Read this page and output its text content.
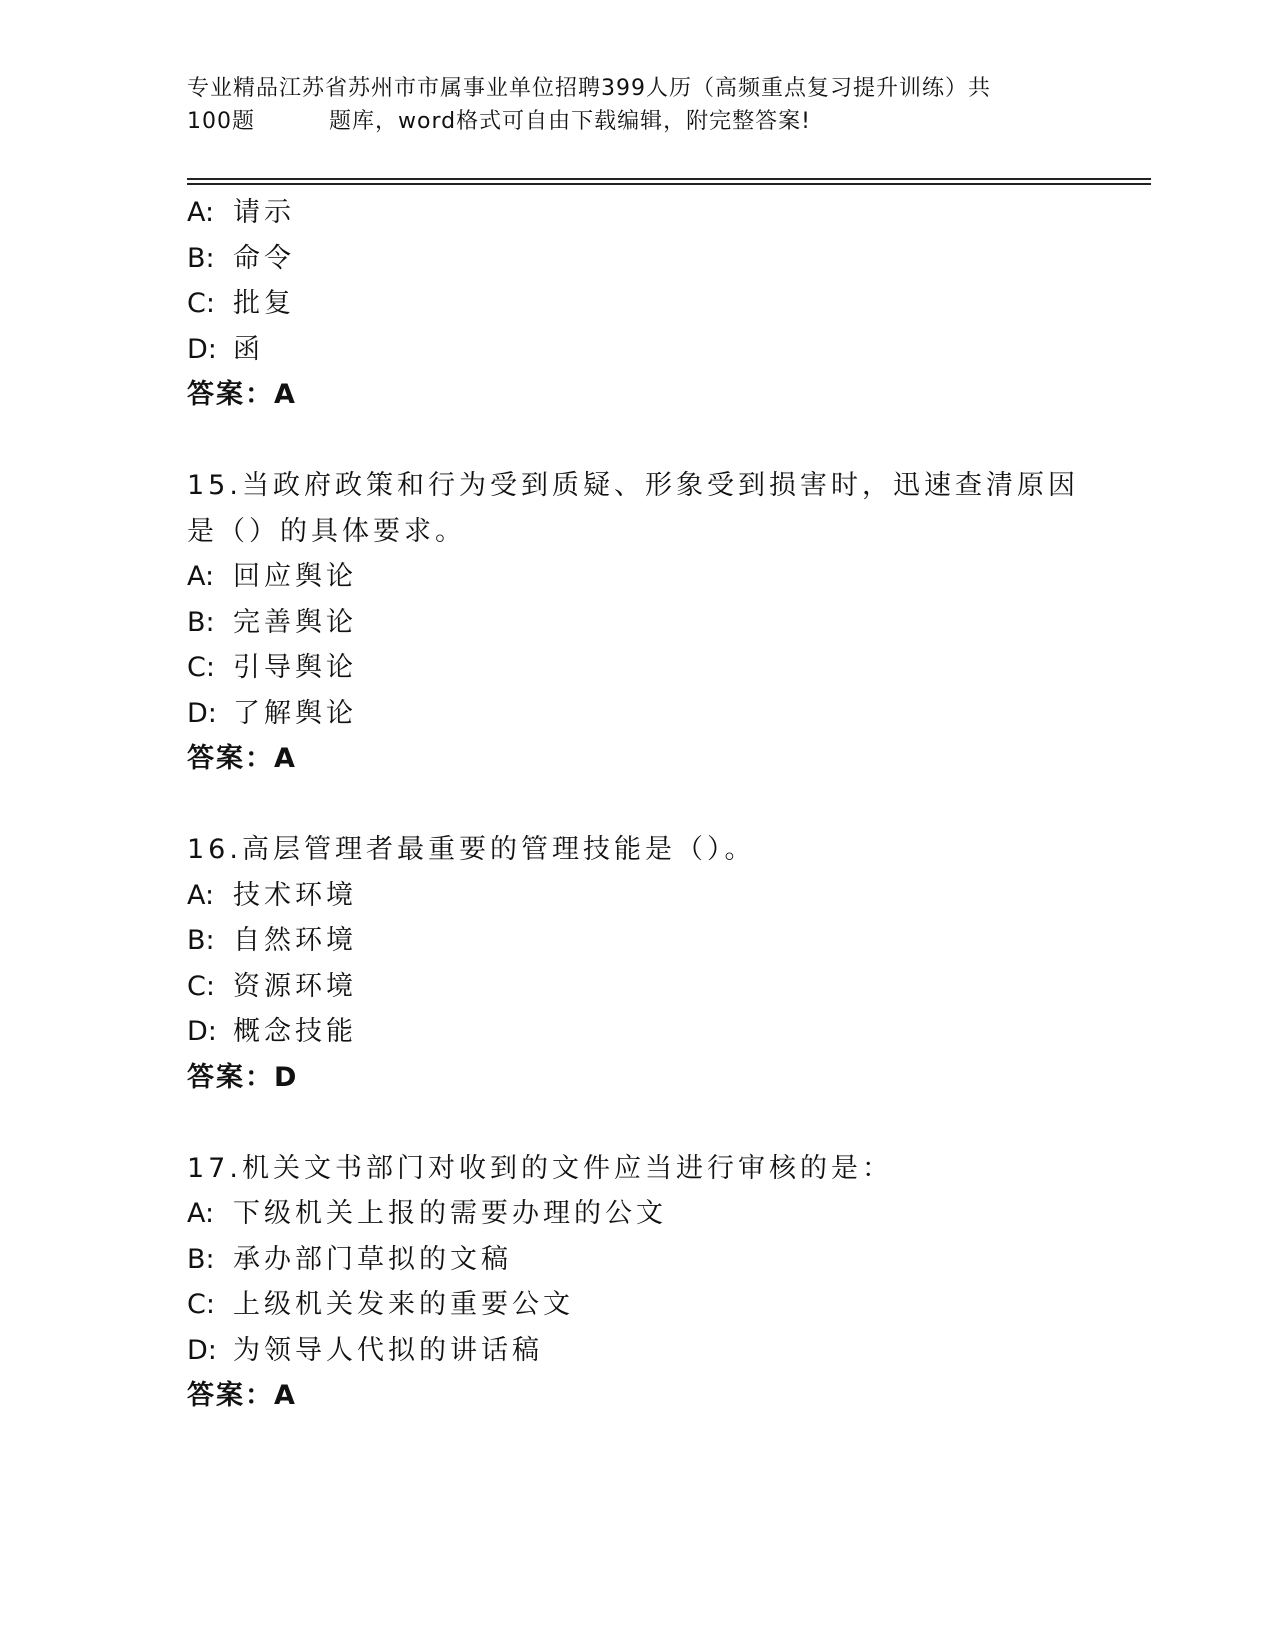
专业精品江苏省苏州市市属事业单位招聘399人历（高频重点复习提升训练）共
100题	题库，word格式可自由下载编辑，附完整答案!
A: 请示
B: 命令
C: 批复
D: 函
答案：A
15.当政府政策和行为受到质疑、形象受到损害时，迅速查清原因是（）的具体要求。
A: 回应舆论
B: 完善舆论
C: 引导舆论
D: 了解舆论
答案：A
16.高层管理者最重要的管理技能是（）。
A: 技术环境
B: 自然环境
C: 资源环境
D: 概念技能
答案：D
17.机关文书部门对收到的文件应当进行审核的是：
A: 下级机关上报的需要办理的公文
B: 承办部门草拟的文稿
C: 上级机关发来的重要公文
D: 为领导人代拟的讲话稿
答案：A
